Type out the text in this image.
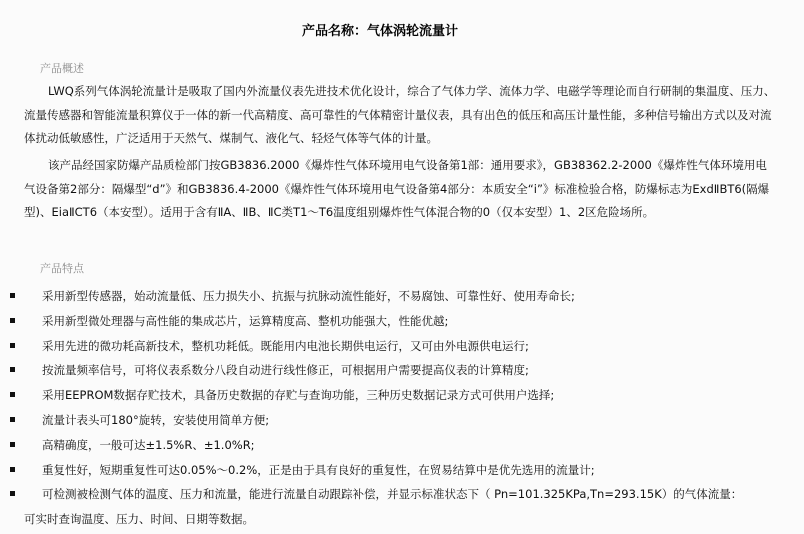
产品名称：气体涡轮流量计
产品概述
LWQ系列气体涡轮流量计是吸取了国内外流量仪表先进技术优化设计，综合了气体力学、流体力学、电磁学等理论而自行研制的集温度、压力、流量传感器和智能流量积算仪于一体的新一代高精度、高可靠性的气体精密计量仪表，具有出色的低压和高压计量性能，多种信号输出方式以及对流体扰动低敏感性，广泛适用于天然气、煤制气、液化气、轻烃气体等气体的计量。
该产品经国家防爆产品质检部门按GB3836.2000《爆炸性气体环境用电气设备第1部：通用要求》，GB38362.2-2000《爆炸性气体环境用电气设备第2部分：隔爆型“d”》和GB3836.4-2000《爆炸性气体环境用电气设备第4部分：本质安全“i”》标准检验合格，防爆标志为ExdⅡBT6(隔爆型)、EiaⅡCT6（本安型）。适用于含有ⅡA、ⅡB、ⅡC类T1～T6温度组别爆炸性气体混合物的0（仅本安型）1、2区危险场所。
产品特点
采用新型传感器，始动流量低、压力损失小、抗振与抗脉动流性能好，不易腐蚀、可靠性好、使用寿命长;
采用新型微处理器与高性能的集成芯片，运算精度高、整机功能强大，性能优越;
采用先进的微功耗高新技术，整机功耗低。既能用内电池长期供电运行，又可由外电源供电运行;
按流量频率信号，可将仪表系数分八段自动进行线性修正，可根据用户需要提高仪表的计算精度;
采用EEPROM数据存贮技术，具备历史数据的存贮与查询功能，三种历史数据记录方式可供用户选择;
流量计表头可180°旋转，安装使用简单方便;
高精确度，一般可达±1.5%R、±1.0%R;
重复性好，短期重复性可达0.05%～0.2%，正是由于具有良好的重复性，在贸易结算中是优先选用的流量计;
可检测被检测气体的温度、压力和流量，能进行流量自动跟踪补偿，并显示标准状态下（ Pn=101.325KPa,Tn=293.15K）的气体流量：
可实时查询温度、压力、时间、日期等数据。
